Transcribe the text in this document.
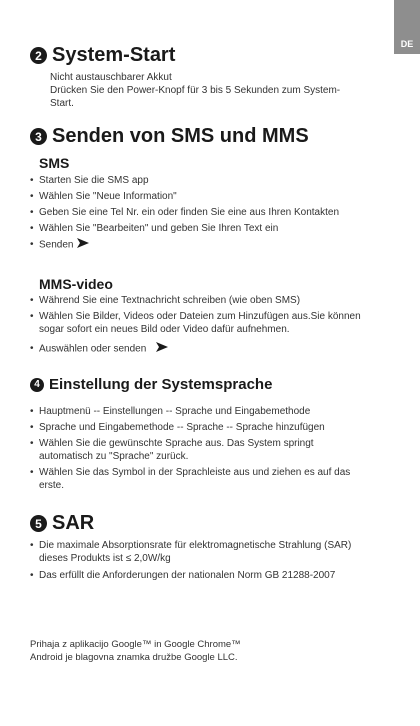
DE
2 System-Start
Nicht austauschbarer Akkut
Drücken Sie den Power-Knopf für 3 bis 5 Sekunden zum System-Start.
3 Senden von SMS und MMS
SMS
• Starten Sie die SMS app
• Wählen Sie "Neue Information"
• Geben Sie eine Tel Nr. ein oder finden Sie eine aus Ihren Kontakten
• Wählen Sie "Bearbeiten" und geben Sie Ihren Text ein
• Senden
MMS-video
• Während Sie eine Textnachricht schreiben (wie oben SMS)
• Wählen Sie Bilder, Videos oder Dateien zum Hinzufügen aus.Sie können sogar sofort ein neues Bild oder Video dafür aufnehmen.
• Auswählen oder senden
4 Einstellung der Systemsprache
• Hauptmenü -- Einstellungen -- Sprache und Eingabemethode
• Sprache und Eingabemethode -- Sprache -- Sprache hinzufügen
• Wählen Sie die gewünschte Sprache aus. Das System springt automatisch zu "Sprache" zurück.
• Wählen Sie das Symbol in der Sprachleiste aus und ziehen es auf das erste.
5 SAR
• Die maximale Absorptionsrate für elektromagnetische Strahlung (SAR) dieses Produkts ist ≤ 2,0W/kg
• Das erfüllt die Anforderungen der nationalen Norm GB 21288-2007
Prihaja z aplikacijo Google™ in Google Chrome™
Android je blagovna znamka družbe Google LLC.
